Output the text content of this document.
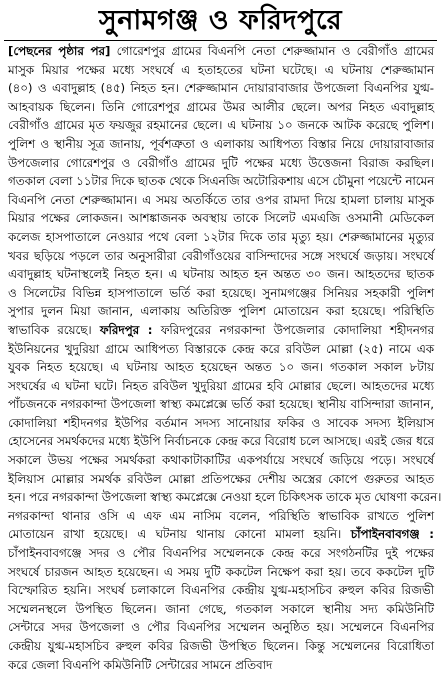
সুনামগঞ্জ ও ফরিদপুরে
[পেছনের পৃষ্ঠার পর] গোরেশপুর গ্রামের বিএনপি নেতা শেরুজ্জামান ও বেরীগাঁও গ্রামের
মাসুক মিয়ার পক্ষের মধ্যে সংঘর্ষে এ হতাহতের ঘটনা ঘটেছে। এ ঘটনায় শেরুজ্জামান
(৪০) ও এবাদুল্লাহ (৪৫) নিহত হন। শেরুজ্জামান দোয়ারাবাজার উপজেলা বিএনপির যুগ্ম-
আহবায়ক ছিলেন। তিনি গোরেশপুর গ্রামের উমর আলীর ছেলে। অপর নিহত এবাদুল্লাহ
বেরীগাঁও গ্রামের মৃত ফয়জুর রহমানের ছেলে। এ ঘটনায় ১০ জনকে আটক করেছে পুলিশ।
পুলিশ ও স্থানীয় সূত্র জানায়, পূর্বশত্রুতা ও এলাকায় আধিপত্য বিস্তার নিয়ে দোয়ারাবাজার
উপজেলার গোরেশপুর ও বেরীগাঁও গ্রামের দুটি পক্ষের মধ্যে উত্তেজনা বিরাজ করছিল।
গতকাল বেলা ১১টার দিকে ছাতক থেকে সিএনজি অটোরিকশায় এসে চৌমুনা পয়েন্টে নামেন
বিএনপি নেতা শেরুজ্জামান। এ সময় অতর্কিতে তার ওপর রামদা দিয়ে হামলা চালায় মাসুক
মিয়ার পক্ষের লোকজন। আশঙ্কাজনক অবস্থায় তাকে সিলেট এমএজি ওসমানী মেডিকেল
কলেজ হাসপাতালে নেওয়ার পথে বেলা ১২টার দিকে তার মৃত্যু হয়। শেরুজ্জামানের মৃত্যুর
খবর ছড়িয়ে পড়লে তার অনুসারীরা বেরীগাঁওয়ের বাসিন্দাদের সঙ্গে সংঘর্ষে জড়ায়। সংঘর্ষে
এবাদুল্লাহ ঘটনাস্থলেই নিহত হন। এ ঘটনায় আহত হন অন্তত ৩০ জন। আহতদের ছাতক
ও সিলেটের বিভিন্ন হাসপাতালে ভর্তি করা হয়েছে। সুনামগঞ্জের সিনিয়র সহকারী পুলিশ
সুপার দুলন মিয়া জানান, এলাকায় অতিরিক্ত পুলিশ মোতায়েন করা হয়েছে। পরিস্থিতি
স্বাভাবিক রয়েছে। ফরিদপুর : ফরিদপুরের নগরকান্দা উপজেলার কোদালিয়া শহীদনগর
ইউনিয়নের খুদুরিয়া গ্রামে আধিপত্য বিস্তারকে কেন্দ্র করে রবিউল মোল্লা (২৫) নামে এক
যুবক নিহত হয়েছে। এ ঘটনায় আহত হয়েছেন অন্তত ১০ জন। গতকাল সকাল ৮টায়
সংঘর্ষের এ ঘটনা ঘটে। নিহত রবিউল খুদুরিয়া গ্রামের হবি মোল্লার ছেলে। আহতদের মধ্যে
পাঁচজনকে নগরকান্দা উপজেলা স্বাস্থ্য কমপ্লেক্সে ভর্তি করা হয়েছে। স্থানীয় বাসিন্দারা জানান,
কোদালিয়া শহীদনগর ইউপির বর্তমান সদস্য সানোয়ার ফকির ও সাবেক সদস্য ইলিয়াস
হোসেনের সমর্থকদের মধ্যে ইউপি নির্বাচনকে কেন্দ্র করে বিরোধ চলে আসছে। এরই জের ধরে
সকালে উভয় পক্ষের সমর্থকরা কথাকাটাকাটির একপর্যায়ে সংঘর্ষে জড়িয়ে পড়ে। সংঘর্ষে
ইলিয়াস মোল্লার সমর্থক রবিউল মোল্লা প্রতিপক্ষের দেশীয় অস্ত্রের কোপে গুরুতর আহত
হন। পরে নগরকান্দা উপজেলা স্বাস্থ্য কমপ্লেক্সে নেওয়া হলে চিকিৎসক তাকে মৃত ঘোষণা করেন।
নগরকান্দা থানার ওসি এ এফ এম নাসিম বলেন, পরিস্থিতি স্বাভাবিক রাখতে পুলিশ
মোতায়েন রাখা হয়েছে। এ ঘটনায় থানায় কোনো মামলা হয়নি। চাঁপাইনবাবগঞ্জ :
চাঁপাইনবাবগঞ্জে সদর ও পৌর বিএনপির সম্মেলনকে কেন্দ্র করে সংগঠনটির দুই পক্ষের
সংঘর্ষে চারজন আহত হয়েছেন। এ সময় দুটি ককটেল নিক্ষেপ করা হয়। তবে ককটেল দুটি
বিস্ফোরিত হয়নি। সংঘর্ষ চলাকালে বিএনপির কেন্দ্রীয় যুগ্ম-মহাসচিব রুহুল কবির রিজভী
সম্মেলনস্থলে উপস্থিত ছিলেন। জানা গেছে, গতকাল সকালে স্থানীয় সদ্য কমিউনিটি
সেন্টারে সদর উপজেলা ও পৌর বিএনপির সম্মেলন অনুষ্ঠিত হয়। সম্মেলনে বিএনপির
কেন্দ্রীয় যুগ্ম-মহাসচিব রুহুল কবির রিজভী উপস্থিত ছিলেন। কিন্তু সম্মেলনের বিরোধিতা
করে জেলা বিএনপি কমিউনিটি সেন্টারের সামনে প্রতিবাদ
